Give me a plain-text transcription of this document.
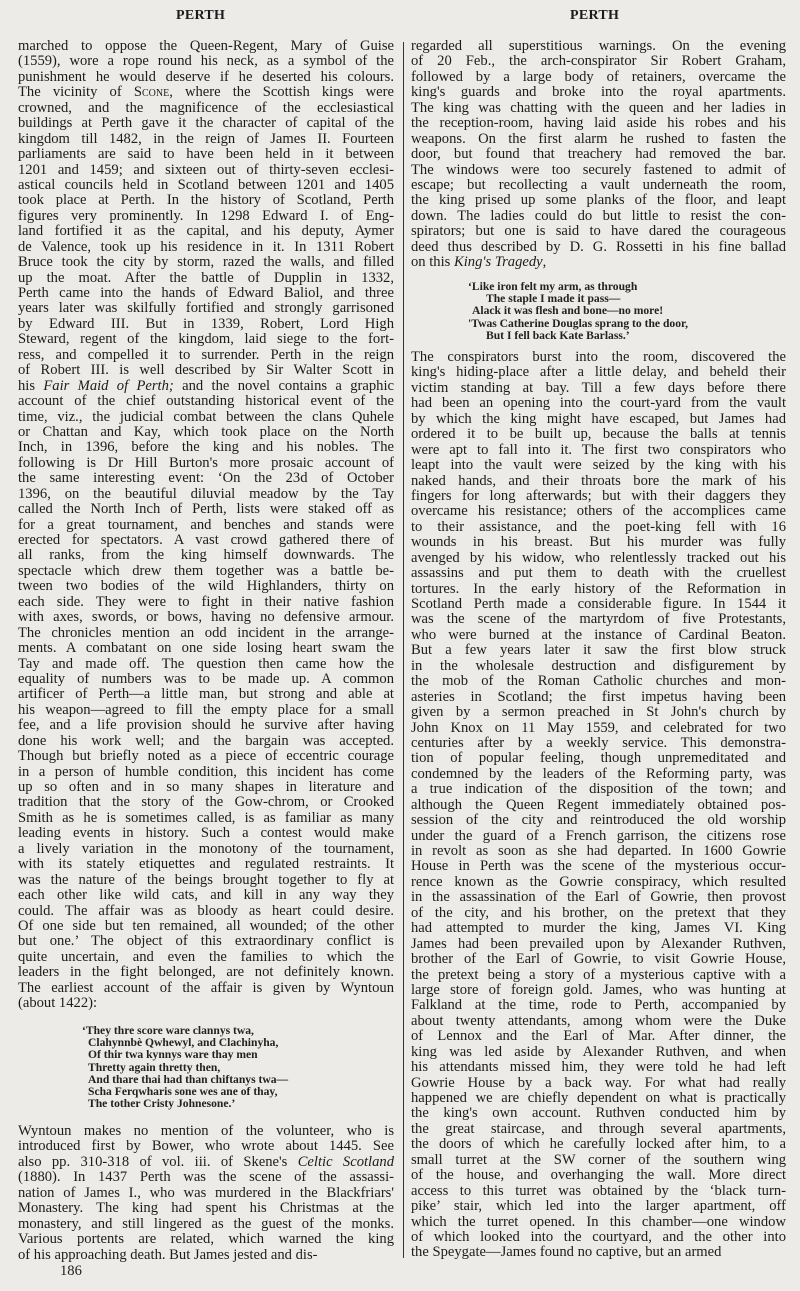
PERTH	PERTH
marched to oppose the Queen-Regent, Mary of Guise
(1559), wore a rope round his neck, as a symbol of the
punishment he would deserve if he deserted his colours.
The vicinity of Scone, where the Scottish kings were
crowned, and the magnificence of the ecclesiastical
buildings at Perth gave it the character of capital of the
kingdom till 1482, in the reign of James II. Fourteen
parliaments are said to have been held in it between
1201 and 1459; and sixteen out of thirty-seven ecclesi-
astical councils held in Scotland between 1201 and 1405
took place at Perth. In the history of Scotland, Perth
figures very prominently. In 1298 Edward I. of Eng-
land fortified it as the capital, and his deputy, Aymer
de Valence, took up his residence in it. In 1311 Robert
Bruce took the city by storm, razed the walls, and filled
up the moat. After the battle of Dupplin in 1332,
Perth came into the hands of Edward Baliol, and three
years later was skilfully fortified and strongly garrisoned
by Edward III. But in 1339, Robert, Lord High
Steward, regent of the kingdom, laid siege to the fort-
ress, and compelled it to surrender. Perth in the reign
of Robert III. is well described by Sir Walter Scott in
his Fair Maid of Perth; and the novel contains a graphic
account of the chief outstanding historical event of the
time, viz., the judicial combat between the clans Quhele
or Chattan and Kay, which took place on the North
Inch, in 1396, before the king and his nobles. The
following is Dr Hill Burton's more prosaic account of
the same interesting event: ‘On the 23d of October
1396, on the beautiful diluvial meadow by the Tay
called the North Inch of Perth, lists were staked off as
for a great tournament, and benches and stands were
erected for spectators. A vast crowd gathered there of
all ranks, from the king himself downwards. The
spectacle which drew them together was a battle be-
tween two bodies of the wild Highlanders, thirty on
each side. They were to fight in their native fashion
with axes, swords, or bows, having no defensive armour.
The chronicles mention an odd incident in the arrange-
ments. A combatant on one side losing heart swam the
Tay and made off. The question then came how the
equality of numbers was to be made up. A common
artificer of Perth—a little man, but strong and able at
his weapon—agreed to fill the empty place for a small
fee, and a life provision should he survive after having
done his work well; and the bargain was accepted.
Though but briefly noted as a piece of eccentric courage
in a person of humble condition, this incident has come
up so often and in so many shapes in literature and
tradition that the story of the Gow-chrom, or Crooked
Smith as he is sometimes called, is as familiar as many
leading events in history. Such a contest would make
a lively variation in the monotony of the tournament,
with its stately etiquettes and regulated restraints. It
was the nature of the beings brought together to fly at
each other like wild cats, and kill in any way they
could. The affair was as bloody as heart could desire.
Of one side but ten remained, all wounded; of the other
but one.’ The object of this extraordinary conflict is
quite uncertain, and even the families to which the
leaders in the fight belonged, are not definitely known.
The earliest account of the affair is given by Wyntoun
(about 1422):
‘They thre score ware clannys twa,
Clahynnbè Qwhewyl, and Clachinyha,
Of thir twa kynnys ware thay men
Thretty again thretty then,
And thare thai had than chiftanys twa—
Scha Ferqwharis sone wes ane of thay,
The tother Cristy Johnesone.’
Wyntoun makes no mention of the volunteer, who is
introduced first by Bower, who wrote about 1445. See
also pp. 310-318 of vol. iii. of Skene's Celtic Scotland
(1880). In 1437 Perth was the scene of the assassi-
nation of James I., who was murdered in the Blackfriars'
Monastery. The king had spent his Christmas at the
monastery, and still lingered as the guest of the monks.
Various portents are related, which warned the king
of his approaching death. But James jested and dis-
regarded all superstitious warnings. On the evening
of 20 Feb., the arch-conspirator Sir Robert Graham,
followed by a large body of retainers, overcame the
king's guards and broke into the royal apartments.
The king was chatting with the queen and her ladies in
the reception-room, having laid aside his robes and his
weapons. On the first alarm he rushed to fasten the
door, but found that treachery had removed the bar.
The windows were too securely fastened to admit of
escape; but recollecting a vault underneath the room,
the king prised up some planks of the floor, and leapt
down. The ladies could do but little to resist the con-
spirators; but one is said to have dared the courageous
deed thus described by D. G. Rossetti in his fine ballad
on this King's Tragedy,
‘Like iron felt my arm, as through
The staple I made it pass—
Alack it was flesh and bone—no more!
'Twas Catherine Douglas sprang to the door,
But I fell back Kate Barlass.’
The conspirators burst into the room, discovered the
king's hiding-place after a little delay, and beheld their
victim standing at bay. Till a few days before there
had been an opening into the court-yard from the vault
by which the king might have escaped, but James had
ordered it to be built up, because the balls at tennis
were apt to fall into it. The first two conspirators who
leapt into the vault were seized by the king with his
naked hands, and their throats bore the mark of his
fingers for long afterwards; but with their daggers they
overcame his resistance; others of the accomplices came
to their assistance, and the poet-king fell with 16
wounds in his breast. But his murder was fully
avenged by his widow, who relentlessly tracked out his
assassins and put them to death with the cruellest
tortures. In the early history of the Reformation in
Scotland Perth made a considerable figure. In 1544 it
was the scene of the martyrdom of five Protestants,
who were burned at the instance of Cardinal Beaton.
But a few years later it saw the first blow struck
in the wholesale destruction and disfigurement by
the mob of the Roman Catholic churches and mon-
asteries in Scotland; the first impetus having been
given by a sermon preached in St John's church by
John Knox on 11 May 1559, and celebrated for two
centuries after by a weekly service. This demonstra-
tion of popular feeling, though unpremeditated and
condemned by the leaders of the Reforming party, was
a true indication of the disposition of the town; and
although the Queen Regent immediately obtained pos-
session of the city and reintroduced the old worship
under the guard of a French garrison, the citizens rose
in revolt as soon as she had departed. In 1600 Gowrie
House in Perth was the scene of the mysterious occur-
rence known as the Gowrie conspiracy, which resulted
in the assassination of the Earl of Gowrie, then provost
of the city, and his brother, on the pretext that they
had attempted to murder the king, James VI. King
James had been prevailed upon by Alexander Ruthven,
brother of the Earl of Gowrie, to visit Gowrie House,
the pretext being a story of a mysterious captive with a
large store of foreign gold. James, who was hunting at
Falkland at the time, rode to Perth, accompanied by
about twenty attendants, among whom were the Duke
of Lennox and the Earl of Mar. After dinner, the
king was led aside by Alexander Ruthven, and when
his attendants missed him, they were told he had left
Gowrie House by a back way. For what had really
happened we are chiefly dependent on what is practically
the king's own account. Ruthven conducted him by
the great staircase, and through several apartments,
the doors of which he carefully locked after him, to a
small turret at the SW corner of the southern wing
of the house, and overhanging the wall. More direct
access to this turret was obtained by the ‘black turn-
pike’ stair, which led into the larger apartment, off
which the turret opened. In this chamber—one window
of which looked into the courtyard, and the other into
the Speygate—James found no captive, but an armed
186
